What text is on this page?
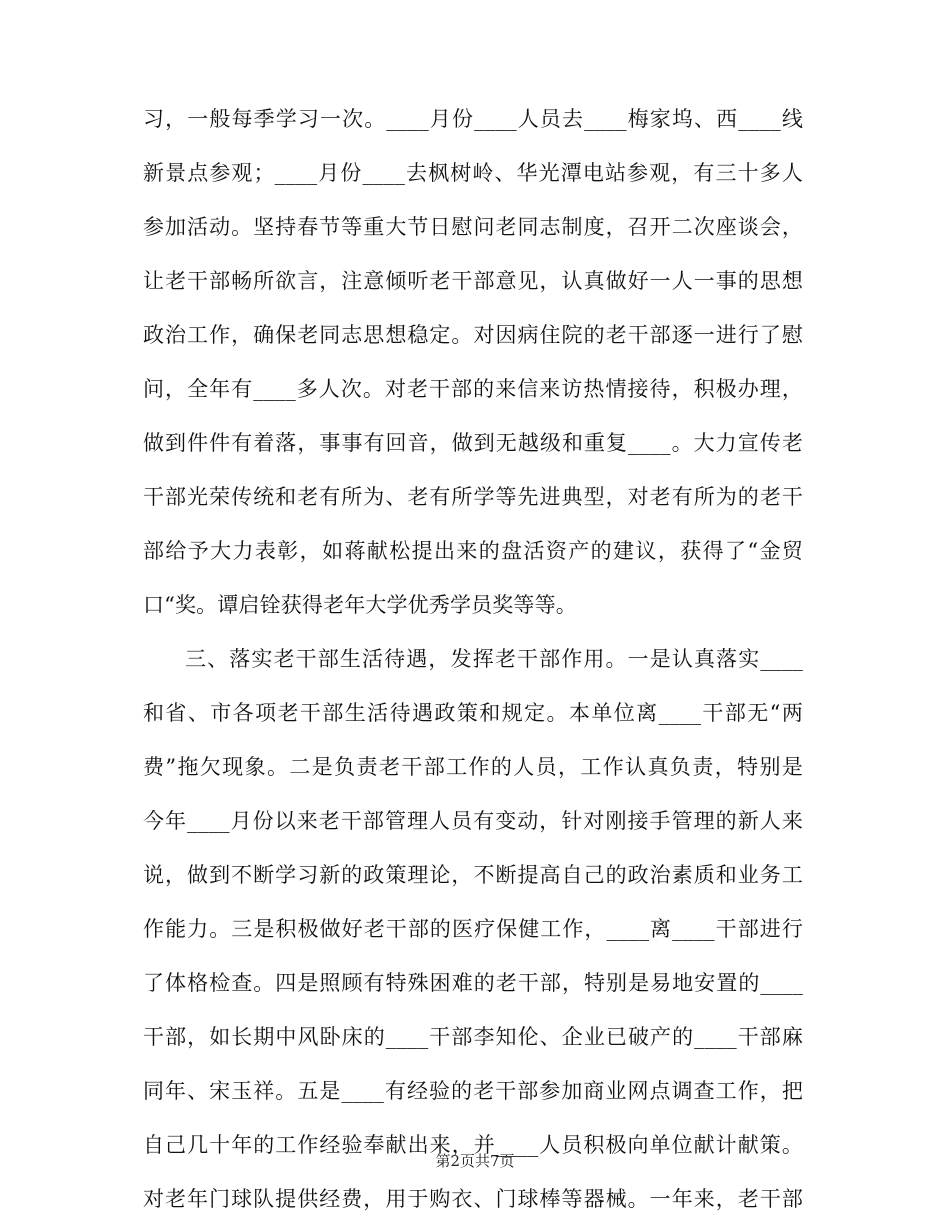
习，一般每季学习一次。____月份____人员去____梅家坞、西____线
新景点参观；____月份____去枫树岭、华光潭电站参观，有三十多人
参加活动。坚持春节等重大节日慰问老同志制度，召开二次座谈会，
让老干部畅所欲言，注意倾听老干部意见，认真做好一人一事的思想
政治工作，确保老同志思想稳定。对因病住院的老干部逐一进行了慰
问，全年有____多人次。对老干部的来信来访热情接待，积极办理，
做到件件有着落，事事有回音，做到无越级和重复____。大力宣传老
干部光荣传统和老有所为、老有所学等先进典型，对老有所为的老干
部给予大力表彰，如蒋献松提出来的盘活资产的建议，获得了“金贸
口“奖。谭启铨获得老年大学优秀学员奖等等。
三、落实老干部生活待遇，发挥老干部作用。一是认真落实____
和省、市各项老干部生活待遇政策和规定。本单位离____干部无“两
费”拖欠现象。二是负责老干部工作的人员，工作认真负责，特别是
今年____月份以来老干部管理人员有变动，针对刚接手管理的新人来
说，做到不断学习新的政策理论，不断提高自己的政治素质和业务工
作能力。三是积极做好老干部的医疗保健工作，____离____干部进行
了体格检查。四是照顾有特殊困难的老干部，特别是易地安置的____
干部，如长期中风卧床的____干部李知伦、企业已破产的____干部麻
同年、宋玉祥。五是____有经验的老干部参加商业网点调查工作，把
自己几十年的工作经验奉献出来，并____人员积极向单位献计献策。
对老年门球队提供经费，用于购衣、门球棒等器械。一年来，老干部
第2页共7页
